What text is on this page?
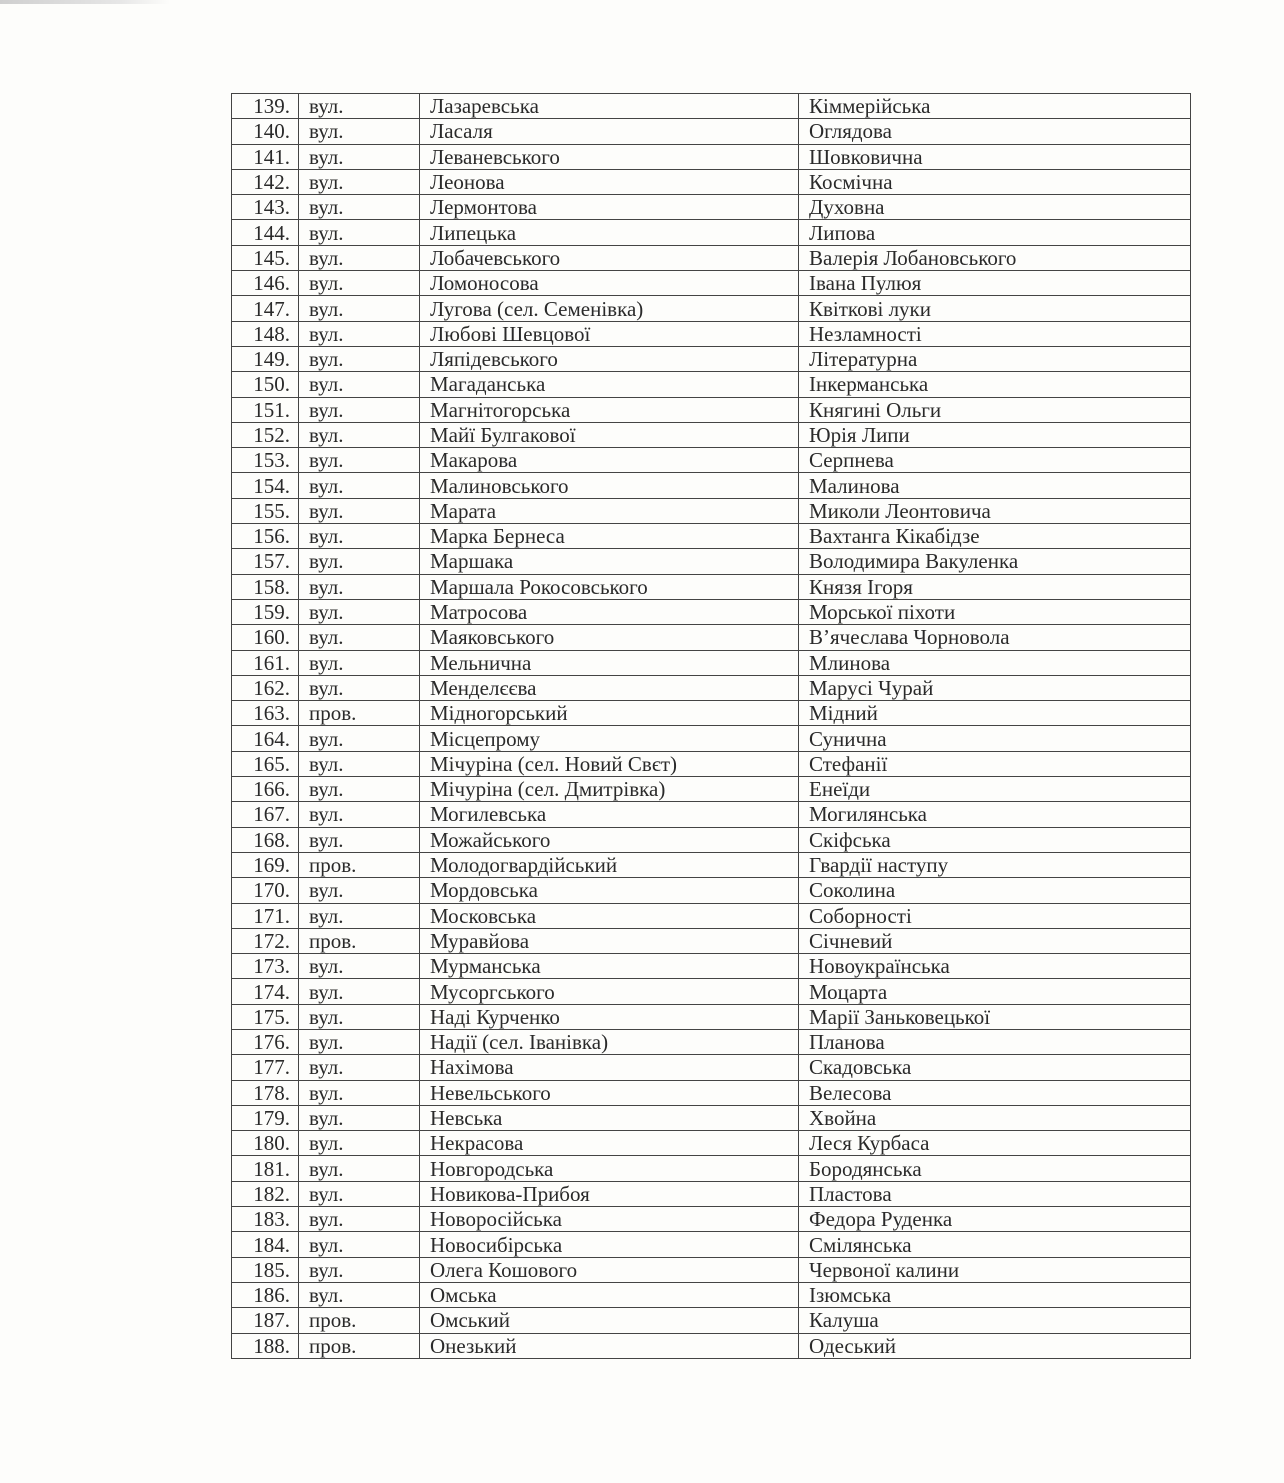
139.	вул.	Лазаревська	Кіммерійська
140.	вул.	Ласаля	Оглядова
141.	вул.	Леваневського	Шовковична
142.	вул.	Леонова	Космічна
143.	вул.	Лермонтова	Духовна
144.	вул.	Липецька	Липова
145.	вул.	Лобачевського	Валерія Лобановського
146.	вул.	Ломоносова	Івана Пулюя
147.	вул.	Лугова (сел. Семенівка)	Квіткові луки
148.	вул.	Любові Шевцової	Незламності
149.	вул.	Ляпідевського	Літературна
150.	вул.	Магаданська	Інкерманська
151.	вул.	Магнітогорська	Княгині Ольги
152.	вул.	Майї Булгакової	Юрія Липи
153.	вул.	Макарова	Серпнева
154.	вул.	Малиновського	Малинова
155.	вул.	Марата	Миколи Леонтовича
156.	вул.	Марка Бернеса	Вахтанга Кікабідзе
157.	вул.	Маршака	Володимира Вакуленка
158.	вул.	Маршала Рокосовського	Князя Ігоря
159.	вул.	Матросова	Морської піхоти
160.	вул.	Маяковського	В’ячеслава Чорновола
161.	вул.	Мельнична	Млинова
162.	вул.	Менделєєва	Марусі Чурай
163.	пров.	Мідногорський	Мідний
164.	вул.	Місцепрому	Сунична
165.	вул.	Мічуріна (сел. Новий Свєт)	Стефанії
166.	вул.	Мічуріна (сел. Дмитрівка)	Енеїди
167.	вул.	Могилевська	Могилянська
168.	вул.	Можайського	Скіфська
169.	пров.	Молодогвардійський	Гвардії наступу
170.	вул.	Мордовська	Соколина
171.	вул.	Московська	Соборності
172.	пров.	Муравйова	Січневий
173.	вул.	Мурманська	Новоукраїнська
174.	вул.	Мусоргського	Моцарта
175.	вул.	Наді Курченко	Марії Заньковецької
176.	вул.	Надії (сел. Іванівка)	Планова
177.	вул.	Нахімова	Скадовська
178.	вул.	Невельського	Велесова
179.	вул.	Невська	Хвойна
180.	вул.	Некрасова	Леся Курбаса
181.	вул.	Новгородська	Бородянська
182.	вул.	Новикова-Прибоя	Пластова
183.	вул.	Новоросійська	Федора Руденка
184.	вул.	Новосибірська	Смілянська
185.	вул.	Олега Кошового	Червоної калини
186.	вул.	Омська	Ізюмська
187.	пров.	Омський	Калуша
188.	пров.	Онезький	Одеський
